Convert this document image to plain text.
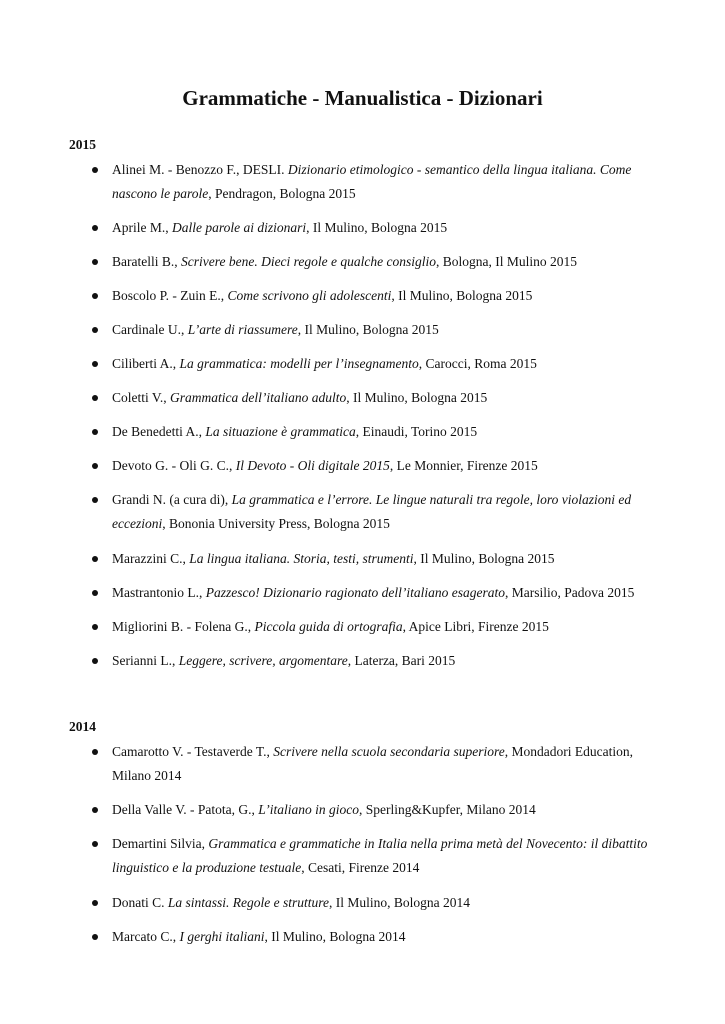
Grammatiche - Manualistica - Dizionari
2015
Alinei M. - Benozzo F., DESLI. Dizionario etimologico - semantico della lingua italiana. Come nascono le parole, Pendragon, Bologna 2015
Aprile M., Dalle parole ai dizionari, Il Mulino, Bologna 2015
Baratelli B., Scrivere bene. Dieci regole e qualche consiglio, Bologna, Il Mulino 2015
Boscolo P. - Zuin E., Come scrivono gli adolescenti, Il Mulino, Bologna 2015
Cardinale U., L’arte di riassumere, Il Mulino, Bologna 2015
Ciliberti A., La grammatica: modelli per l’insegnamento, Carocci, Roma 2015
Coletti V., Grammatica dell’italiano adulto, Il Mulino, Bologna 2015
De Benedetti A., La situazione è grammatica, Einaudi, Torino 2015
Devoto G. - Oli G. C., Il Devoto - Oli digitale 2015, Le Monnier, Firenze 2015
Grandi N. (a cura di), La grammatica e l’errore. Le lingue naturali tra regole, loro violazioni ed eccezioni, Bononia University Press, Bologna 2015
Marazzini C., La lingua italiana. Storia, testi, strumenti, Il Mulino, Bologna 2015
Mastrantonio L., Pazzesco! Dizionario ragionato dell’italiano esagerato, Marsilio, Padova 2015
Migliorini B. - Folena G., Piccola guida di ortografia, Apice Libri, Firenze 2015
Serianni L., Leggere, scrivere, argomentare, Laterza, Bari 2015
2014
Camarotto V. - Testaverde T., Scrivere nella scuola secondaria superiore, Mondadori Education, Milano 2014
Della Valle V. - Patota, G., L’italiano in gioco, Sperling&Kupfer, Milano 2014
Demartini Silvia, Grammatica e grammatiche in Italia nella prima metà del Novecento: il dibattito linguistico e la produzione testuale, Cesati, Firenze 2014
Donati C. La sintassi. Regole e strutture, Il Mulino, Bologna 2014
Marcato C., I gerghi italiani, Il Mulino, Bologna 2014
